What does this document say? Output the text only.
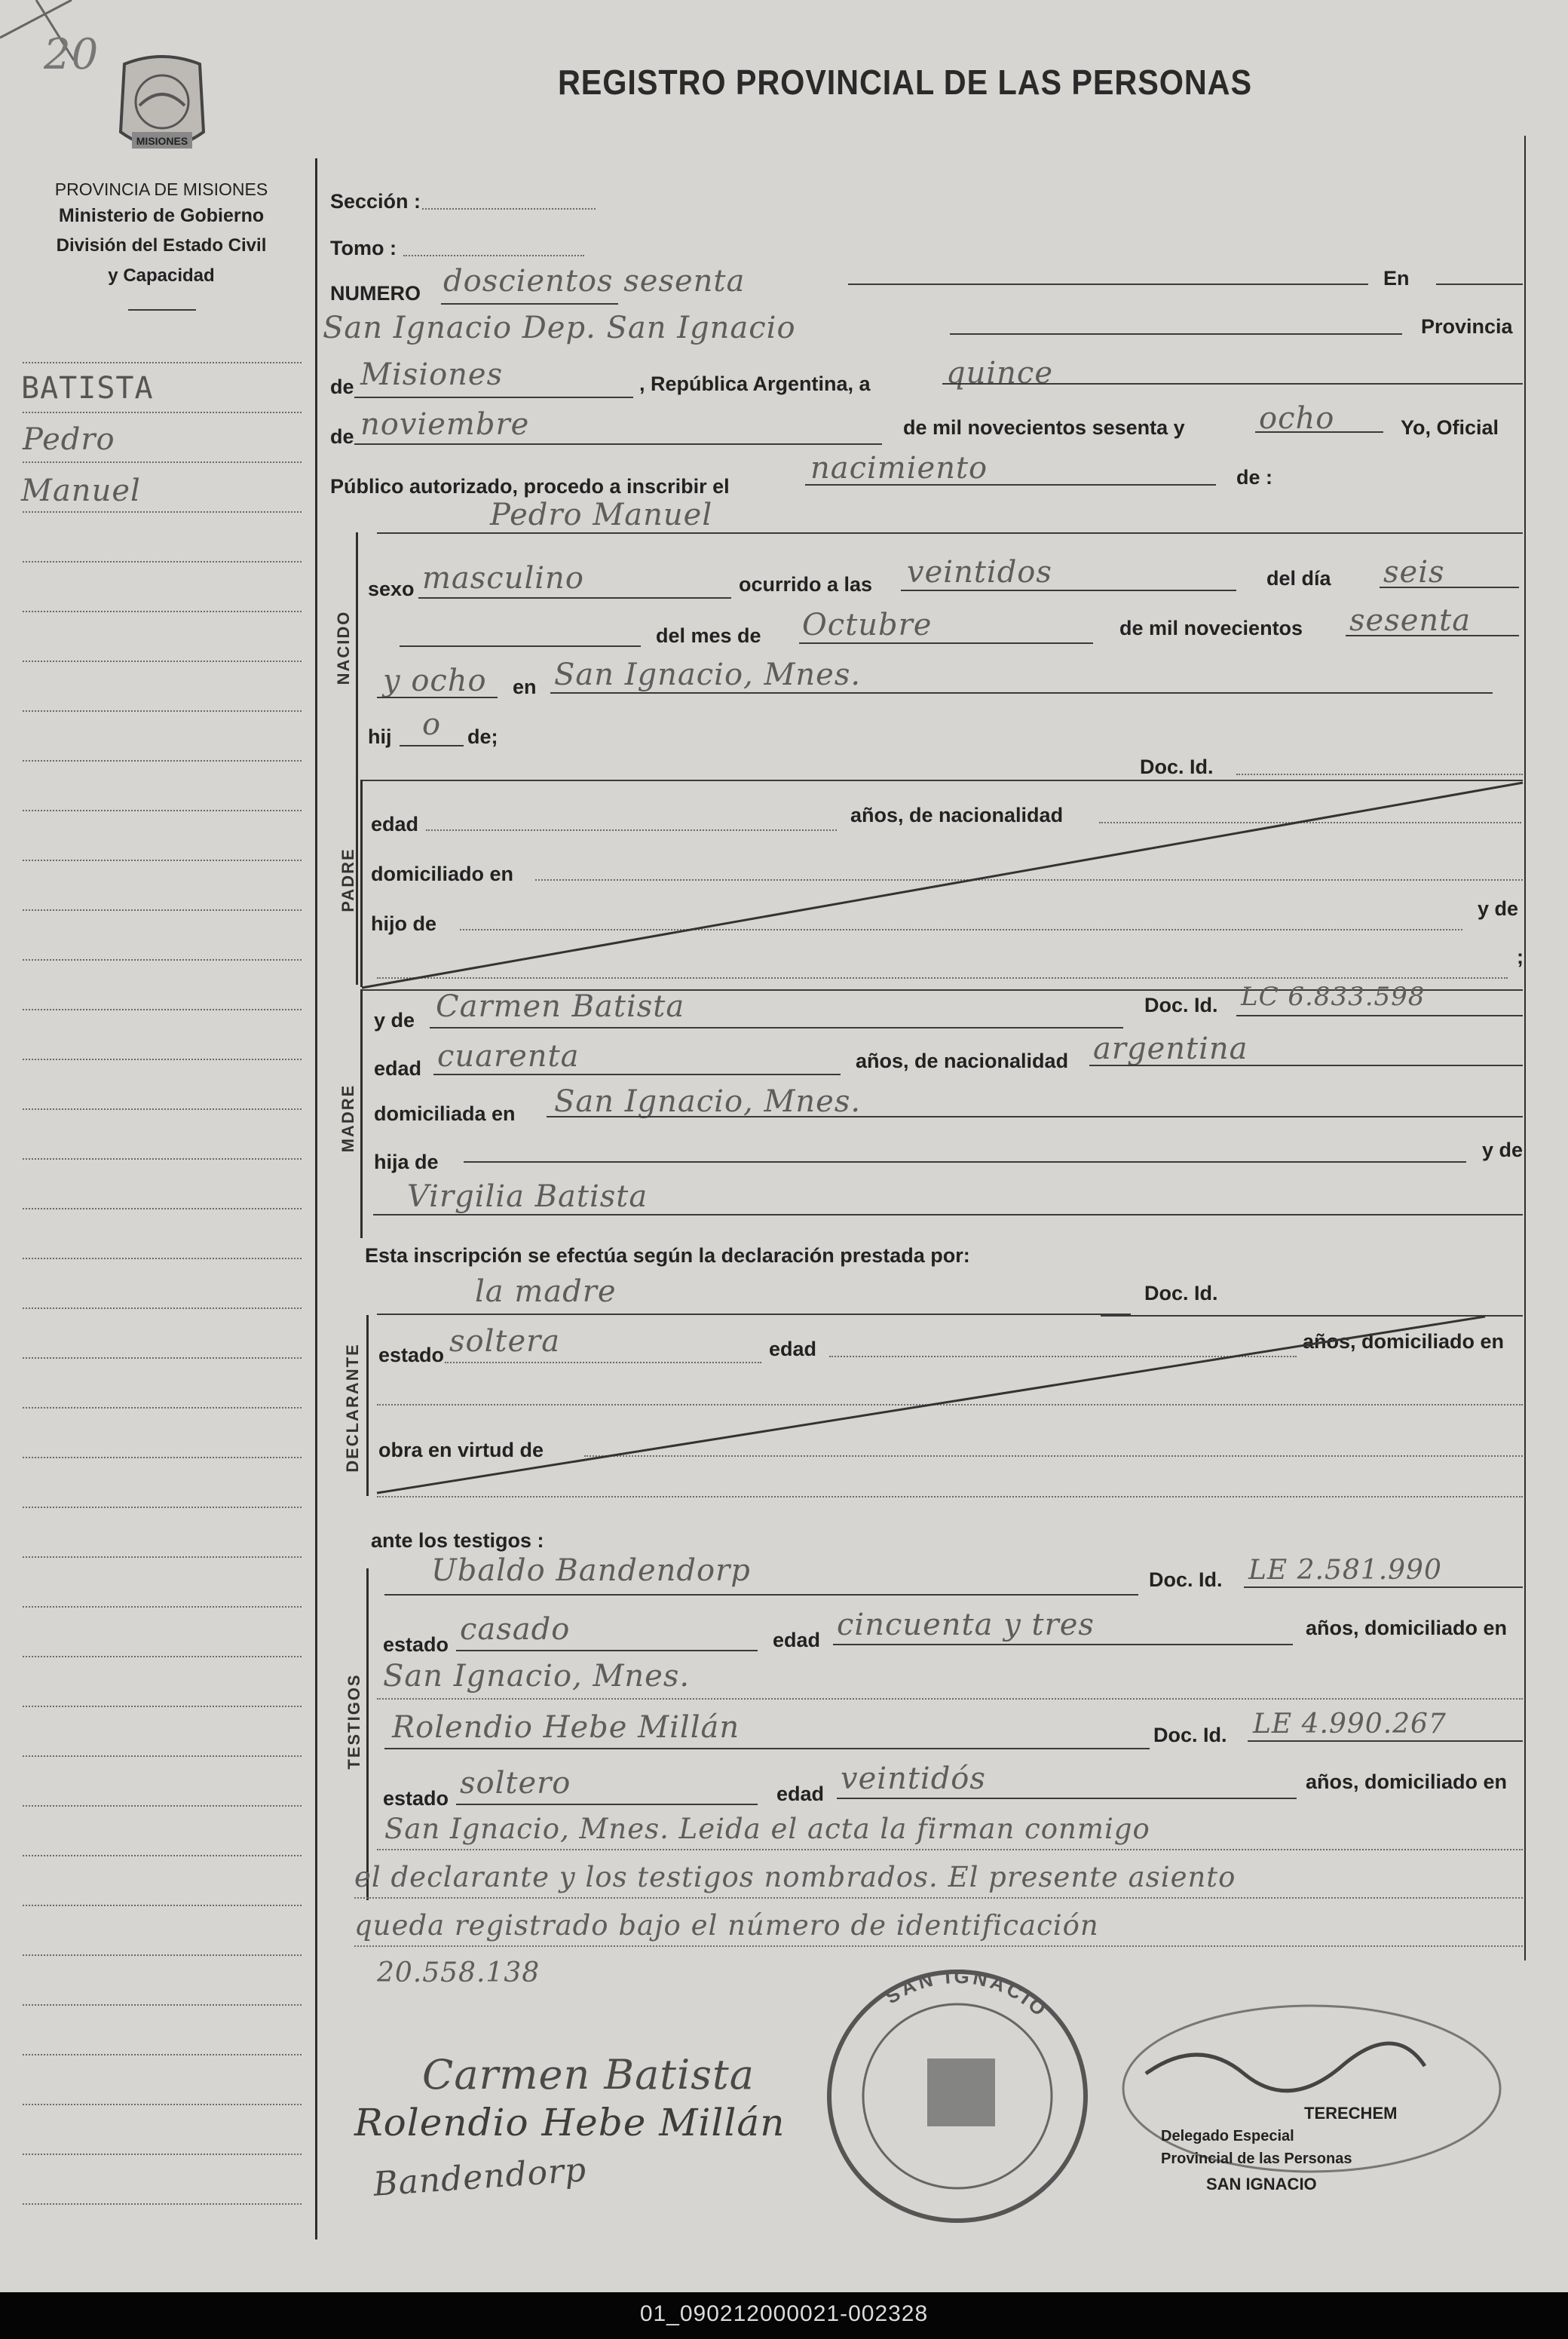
20
MISIONES
REGISTRO PROVINCIAL DE LAS PERSONAS
PROVINCIA DE MISIONES
Ministerio de Gobierno
División del Estado Civil
y Capacidad
BATISTA
Pedro
Manuel
Sección :
Tomo :
NUMERO doscientos sesenta	En
San Ignacio Dep. San Ignacio	Provincia
de Misiones	, República Argentina, a	quince
de noviembre	de mil novecientos sesenta y ocho	Yo, Oficial
Público autorizado, procedo a inscribir el
nacimiento	de :
Pedro Manuel
NACIDO
sexo masculino	ocurrido a las veintidos	del día seis
del mes de Octubre	de mil novecientos sesenta
y ocho en San Ignacio, Mnes.
hij o de;
PADRE
Doc. Id.
edad	años, de nacionalidad
domiciliado en
hijo de
y de
;
MADRE
y de Carmen Batista	Doc. Id. LC 6.833.598
edad cuarenta	años, de nacionalidad argentina
domiciliada en San Ignacio, Mnes.
hija de
y de
Virgilia Batista
Esta inscripción se efectúa según la declaración prestada por:
la madre	Doc. Id.
DECLARANTE estado soltera	edad	años, domiciliado en
obra en virtud de
ante los testigos :
TESTIGOS
Ubaldo Bandendorp	Doc. Id. LE 2.581.990
estado casado	edad cincuenta y tres	años, domiciliado en
San Ignacio, Mnes.
Rolendio Hebe Millán	Doc. Id. LE 4.990.267
estado soltero	edad veintidós	años, domiciliado en
San Ignacio, Mnes. Leida el acta la firman conmigo
el declarante y los testigos nombrados. El presente asiento
queda registrado bajo el número de identificación
20.558.138
Carmen Batista
Rolendio Hebe Millán
Bandendorp
SAN IGNACIO
TERECHEM
Delegado Especial
Provincial de las Personas
SAN IGNACIO
01_090212000021-002328
